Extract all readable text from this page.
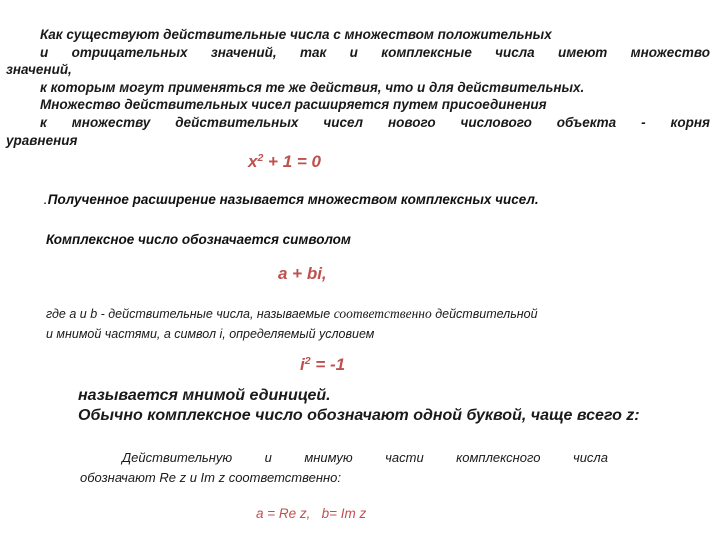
Как существуют действительные числа с множеством положительных
и отрицательных значений, так и комплексные числа имеют множество
значений,
к которым могут применяться те же действия, что и для действительных.
Множество действительных чисел расширяется путем присоединения
к множеству действительных чисел нового числового объекта - корня
уравнения
$x^2 + 1 = 0$
.Полученное расширение называется множеством комплексных чисел.
Комплексное число обозначается символом
a + bi,
где a и b - действительные числа, называемые соответственно действительной
и мнимой частями, а символ i, определяемый условием
$i^2 = -1$
называется мнимой единицей.
Обычно комплексное число обозначают одной буквой, чаще всего z:
Действительную и мнимую части комплексного числа
обозначают Re z и Im z соответственно:
a = Re z,   b= Im z
